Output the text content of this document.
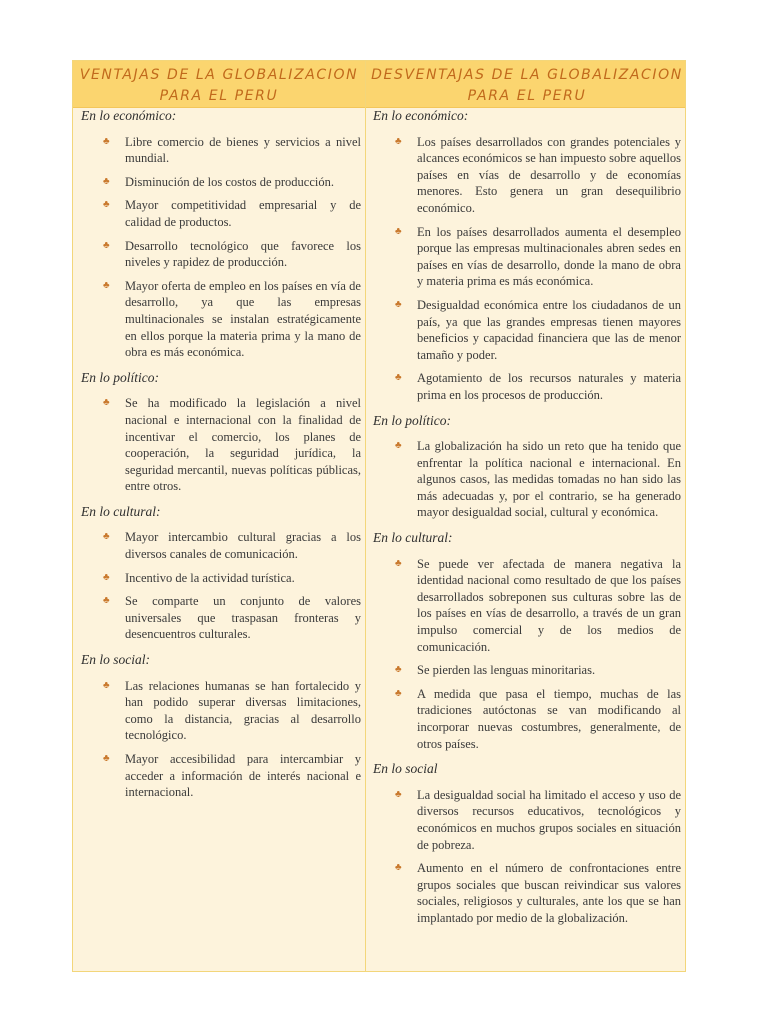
VENTAJAS DE LA GLOBALIZACION PARA EL PERU
DESVENTAJAS DE LA GLOBALIZACION PARA EL PERU
En lo económico:
♣ Libre comercio de bienes y servicios a nivel mundial.
♣ Disminución de los costos de producción.
♣ Mayor competitividad empresarial y de calidad de productos.
♣ Desarrollo tecnológico que favorece los niveles y rapidez de producción.
♣ Mayor oferta de empleo en los países en vía de desarrollo, ya que las empresas multinacionales se instalan estratégicamente en ellos porque la materia prima y la mano de obra es más económica.
En lo político:
♣ Se ha modificado la legislación a nivel nacional e internacional con la finalidad de incentivar el comercio, los planes de cooperación, la seguridad jurídica, la seguridad mercantil, nuevas políticas públicas, entre otros.
En lo cultural:
♣ Mayor intercambio cultural gracias a los diversos canales de comunicación.
♣ Incentivo de la actividad turística.
♣ Se comparte un conjunto de valores universales que traspasan fronteras y desencuentros culturales.
En lo social:
♣ Las relaciones humanas se han fortalecido y han podido superar diversas limitaciones, como la distancia, gracias al desarrollo tecnológico.
♣ Mayor accesibilidad para intercambiar y acceder a información de interés nacional e internacional.
En lo económico:
♣ Los países desarrollados con grandes potenciales y alcances económicos se han impuesto sobre aquellos países en vías de desarrollo y de economías menores. Esto genera un gran desequilibrio económico.
♣ En los países desarrollados aumenta el desempleo porque las empresas multinacionales abren sedes en países en vías de desarrollo, donde la mano de obra y materia prima es más económica.
♣ Desigualdad económica entre los ciudadanos de un país, ya que las grandes empresas tienen mayores beneficios y capacidad financiera que las de menor tamaño y poder.
♣ Agotamiento de los recursos naturales y materia prima en los procesos de producción.
En lo político:
♣ La globalización ha sido un reto que ha tenido que enfrentar la política nacional e internacional. En algunos casos, las medidas tomadas no han sido las más adecuadas y, por el contrario, se ha generado mayor desigualdad social, cultural y económica.
En lo cultural:
♣ Se puede ver afectada de manera negativa la identidad nacional como resultado de que los países desarrollados sobreponen sus culturas sobre las de los países en vías de desarrollo, a través de un gran impulso comercial y de los medios de comunicación.
♣ Se pierden las lenguas minoritarias.
♣ A medida que pasa el tiempo, muchas de las tradiciones autóctonas se van modificando al incorporar nuevas costumbres, generalmente, de otros países.
En lo social
♣ La desigualdad social ha limitado el acceso y uso de diversos recursos educativos, tecnológicos y económicos en muchos grupos sociales en situación de pobreza.
♣ Aumento en el número de confrontaciones entre grupos sociales que buscan reivindicar sus valores sociales, religiosos y culturales, ante los que se han implantado por medio de la globalización.
